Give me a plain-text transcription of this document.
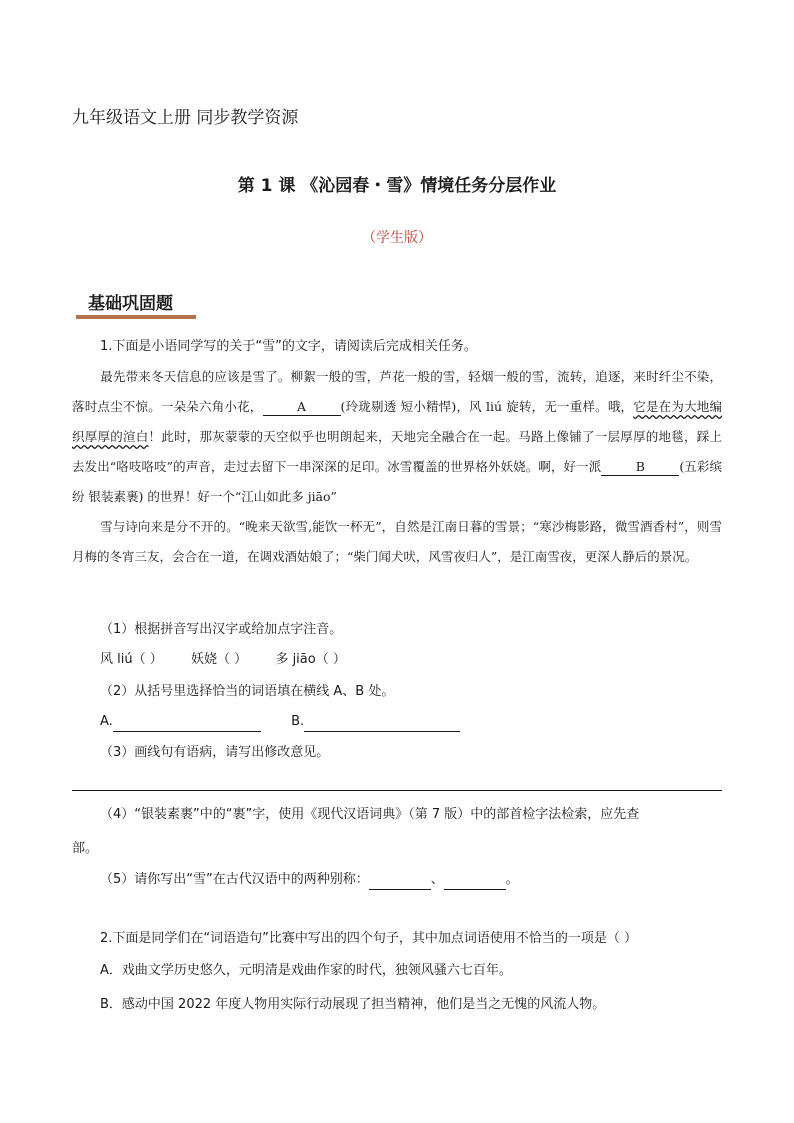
九年级语文上册 同步教学资源
第 1 课 《沁园春・雪》情境任务分层作业
（学生版）
基础巩固题
1.下面是小语同学写的关于“雪”的文字，请阅读后完成相关任务。
最先带来冬天信息的应该是雪了。柳絮一般的雪，芦花一般的雪，轻烟一般的雪，流转，追逐，来时纤尘不染，落时点尘不惊。一朵朵六角小花，	A	(玲珑剔透 短小精悍)，风 liú 旋转，无一重样。哦，它是在为大地编织厚厚的渲白！此时，那灰蒙蒙的天空似乎也明朗起来，天地完全融合在一起。马路上像铺了一层厚厚的地毯，踩上去发出“咯吱咯吱”的声音，走过去留下一串深深的足印。冰雪覆盖的世界格外妖娆。啊，好一派	B	(五彩缤纷 银装素裹) 的世界！好一个“江山如此多 jiāo”
雪与诗向来是分不开的。“晚来天欲雪,能饮一杯无”，自然是江南日暮的雪景；“寒沙梅影路，微雪酒香村”，则雪月梅的冬宵三友，会合在一道，在调戏酒姑娘了；“柴门闻犬吠，风雪夜归人”，是江南雪夜，更深人静后的景况。
（1）根据拼音写出汉字或给加点字注音。
风 liú（ ） 妖娆（ ） 多 jiāo（ ）
（2）从括号里选择恰当的词语填在横线 A、B 处。
A.	B.
（3）画线句有语病，请写出修改意见。
（4）“银装素裹”中的“裹”字，使用《现代汉语词典》（第 7 版）中的部首检字法检索，应先查
部。
（5）请你写出“雪”在古代汉语中的两种别称：	、	。
2.下面是同学们在“词语造句”比赛中写出的四个句子，其中加点词语使用不恰当的一项是（ ）
A．戏曲文学历史悠久，元明清是戏曲作家的时代，独领风骚六七百年。
B．感动中国 2022 年度人物用实际行动展现了担当精神，他们是当之无愧的风流人物。
